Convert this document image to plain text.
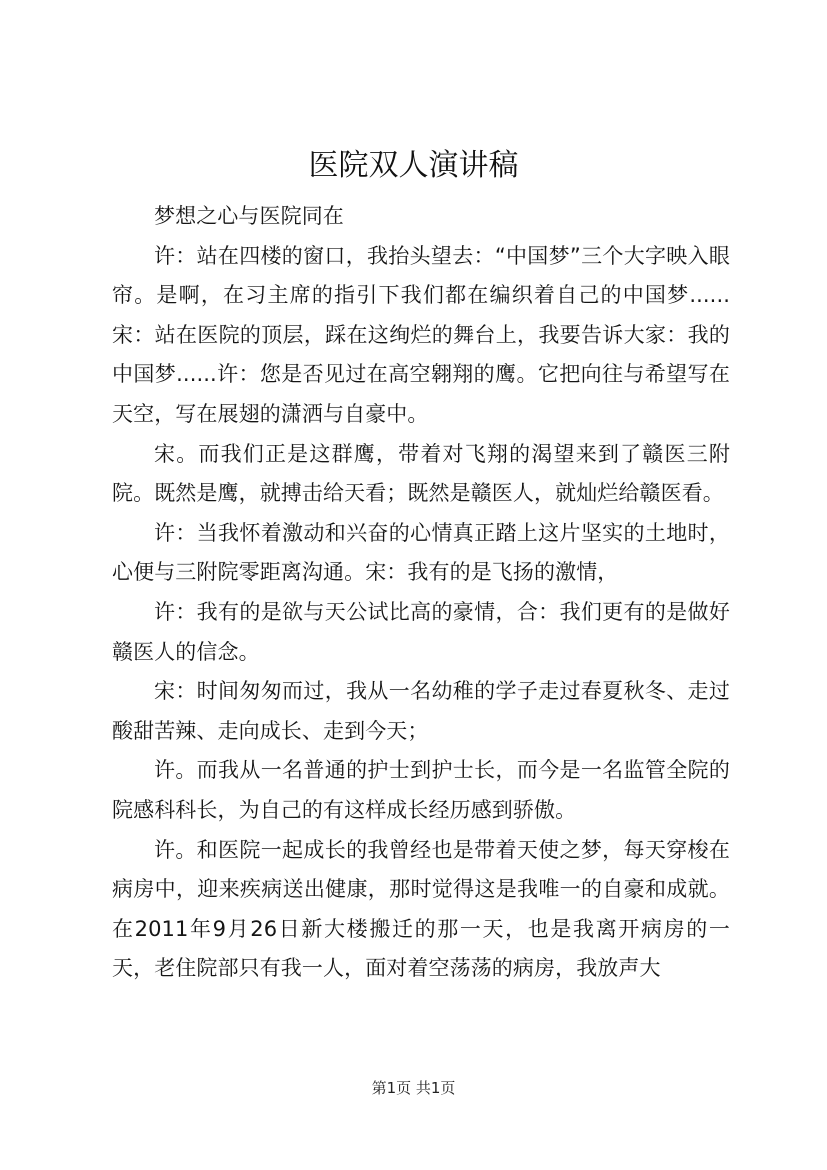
医院双人演讲稿

梦想之心与医院同在

许：站在四楼的窗口，我抬头望去：“中国梦”三个大字映入眼帘。是啊，在习主席的指引下我们都在编织着自己的中国梦......宋：站在医院的顶层，踩在这绚烂的舞台上，我要告诉大家：我的中国梦......许：您是否见过在高空翱翔的鹰。它把向往与希望写在天空，写在展翅的潇洒与自豪中。

宋。而我们正是这群鹰，带着对飞翔的渴望来到了赣医三附院。既然是鹰，就搏击给天看；既然是赣医人，就灿烂给赣医看。

许：当我怀着激动和兴奋的心情真正踏上这片坚实的土地时，心便与三附院零距离沟通。宋：我有的是飞扬的激情，

许：我有的是欲与天公试比高的豪情，合：我们更有的是做好赣医人的信念。

宋：时间匆匆而过，我从一名幼稚的学子走过春夏秋冬、走过酸甜苦辣、走向成长、走到今天；

许。而我从一名普通的护士到护士长，而今是一名监管全院的院感科科长，为自己的有这样成长经历感到骄傲。

许。和医院一起成长的我曾经也是带着天使之梦，每天穿梭在病房中，迎来疾病送出健康，那时觉得这是我唯一的自豪和成就。在2011年9月26日新大楼搬迁的那一天，也是我离开病房的一天，老住院部只有我一人，面对着空荡荡的病房，我放声大

第1页 共1页
